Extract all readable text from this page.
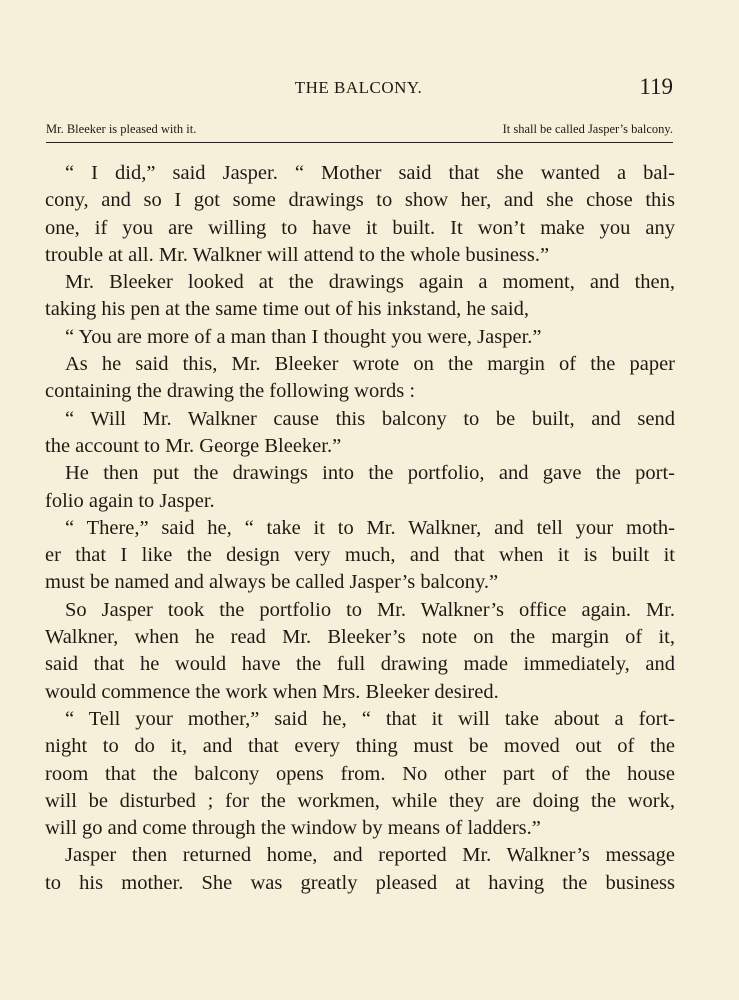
THE BALCONY.	119
Mr. Bleeker is pleased with it.	It shall be called Jasper’s balcony.
“ I did,” said Jasper. “ Mother said that she wanted a bal-
cony, and so I got some drawings to show her, and she chose this
one, if you are willing to have it built. It won’t make you any
trouble at all. Mr. Walkner will attend to the whole business.”
Mr. Bleeker looked at the drawings again a moment, and then,
taking his pen at the same time out of his inkstand, he said,
“ You are more of a man than I thought you were, Jasper.”
As he said this, Mr. Bleeker wrote on the margin of the paper
containing the drawing the following words :
“ Will Mr. Walkner cause this balcony to be built, and send
the account to Mr. George Bleeker.”
He then put the drawings into the portfolio, and gave the port-
folio again to Jasper.
“ There,” said he, “ take it to Mr. Walkner, and tell your moth-
er that I like the design very much, and that when it is built it
must be named and always be called Jasper’s balcony.”
So Jasper took the portfolio to Mr. Walkner’s office again. Mr.
Walkner, when he read Mr. Bleeker’s note on the margin of it,
said that he would have the full drawing made immediately, and
would commence the work when Mrs. Bleeker desired.
“ Tell your mother,” said he, “ that it will take about a fort-
night to do it, and that every thing must be moved out of the
room that the balcony opens from. No other part of the house
will be disturbed ; for the workmen, while they are doing the work,
will go and come through the window by means of ladders.”
Jasper then returned home, and reported Mr. Walkner’s message
to his mother. She was greatly pleased at having the business
